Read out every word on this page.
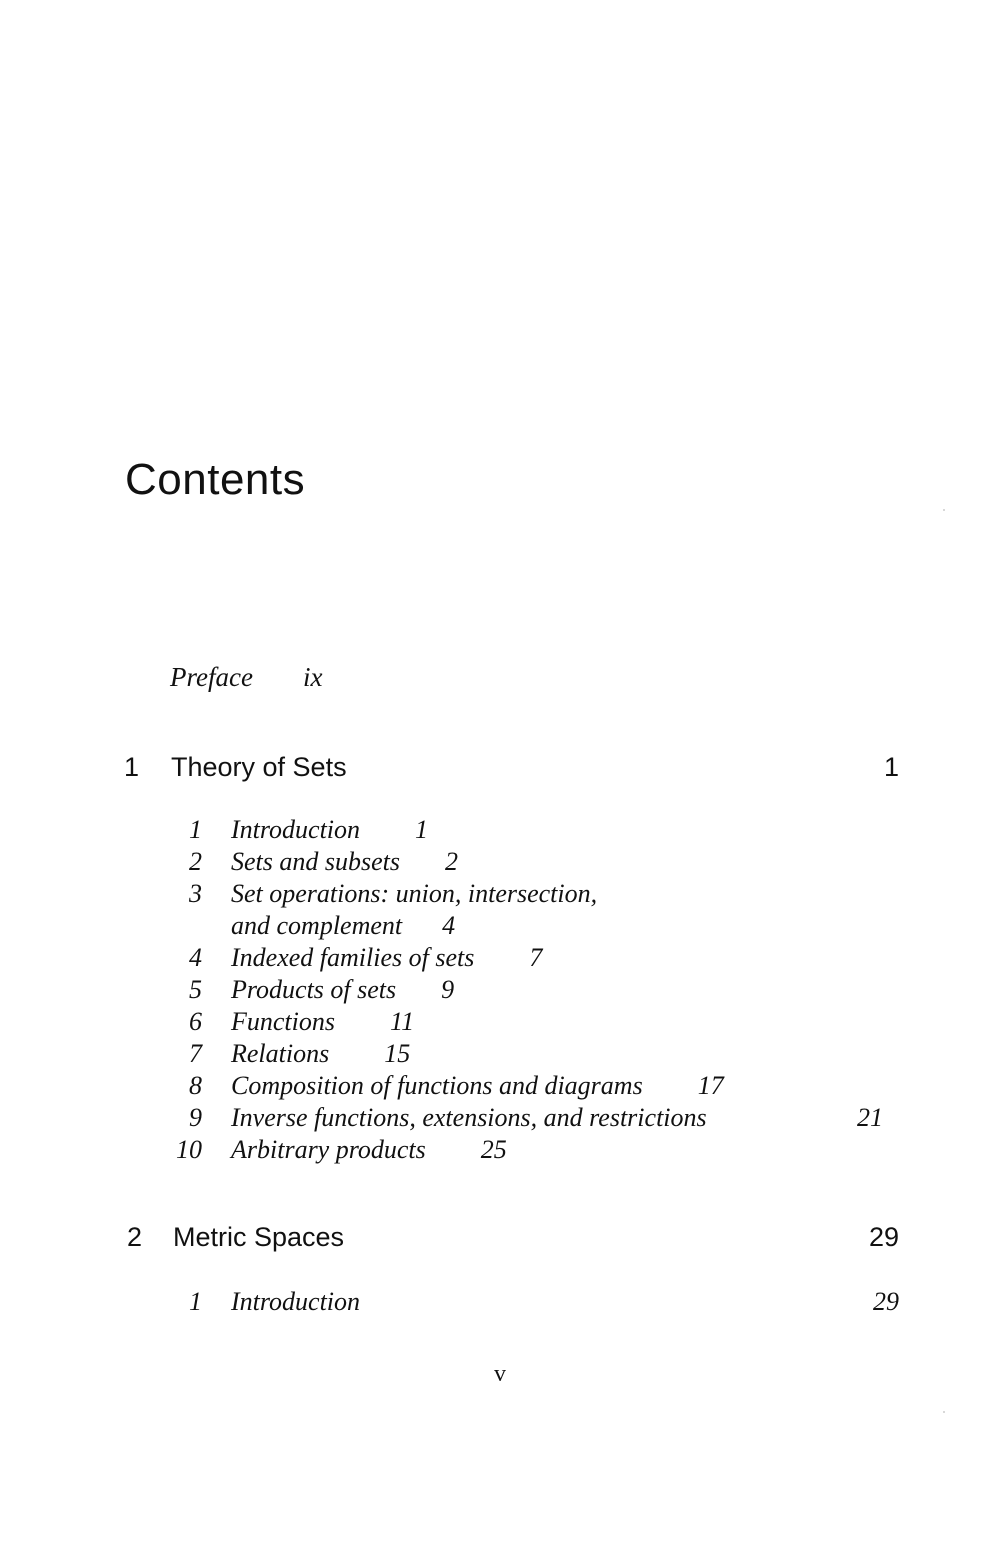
Contents
Preface ix
1 Theory of Sets	1
1 Introduction 1
2 Sets and subsets 2
3 Set operations: union, intersection,
and complement 4
4 Indexed families of sets 7
5 Products of sets 9
6 Functions 11
7 Relations 15
8 Composition of functions and diagrams 17
9 Inverse functions, extensions, and restrictions	21
10 Arbitrary products 25
2 Metric Spaces	29
1 Introduction	29
v
